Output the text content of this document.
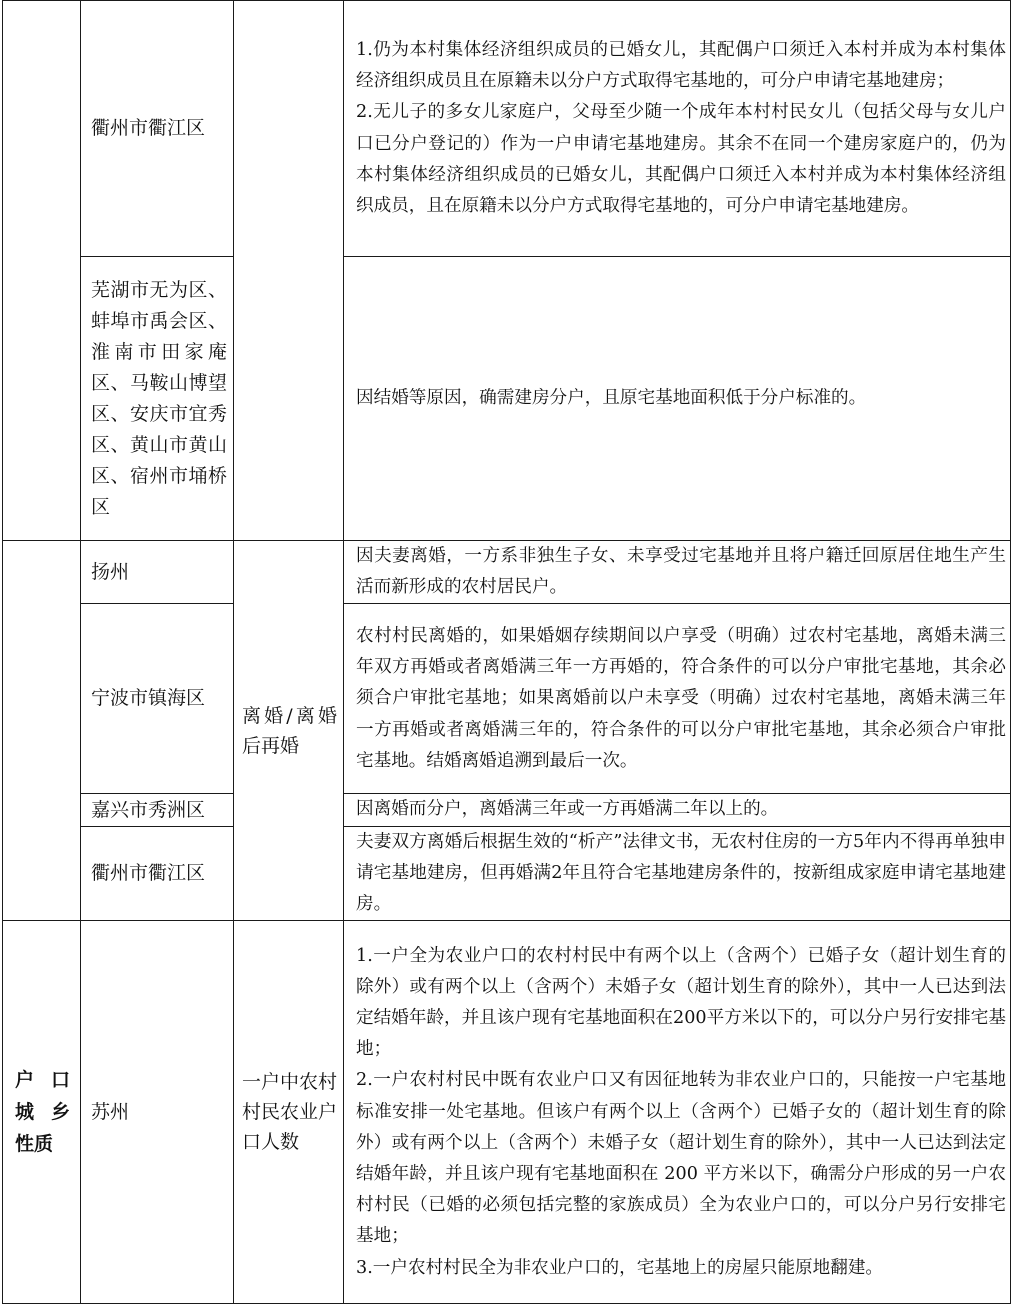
	衢州市衢江区		1.仍为本村集体经济组织成员的已婚女儿，其配偶户口须迁入本村并成为本村集体经济组织成员且在原籍未以分户方式取得宅基地的，可分户申请宅基地建房；

2.无儿子的多女儿家庭户，父母至少随一个成年本村村民女儿（包括父母与女儿户口已分户登记的）作为一户申请宅基地建房。其余不在同一个建房家庭户的，仍为本村集体经济组织成员的已婚女儿，其配偶户口须迁入本村并成为本村集体经济组织成员，且在原籍未以分户方式取得宅基地的，可分户申请宅基地建房。

	芜湖市无为区、蚌埠市禹会区、淮南市田家庵区、马鞍山博望区、安庆市宜秀区、黄山市黄山区、宿州市埇桥区		因结婚等原因，确需建房分户，且原宅基地面积低于分户标准的。

	扬州	离婚/离婚后再婚	因夫妻离婚，一方系非独生子女、未享受过宅基地并且将户籍迁回原居住地生产生活而新形成的农村居民户。

	宁波市镇海区		农村村民离婚的，如果婚姻存续期间以户享受（明确）过农村宅基地，离婚未满三年双方再婚或者离婚满三年一方再婚的，符合条件的可以分户审批宅基地，其余必须合户审批宅基地；如果离婚前以户未享受（明确）过农村宅基地，离婚未满三年一方再婚或者离婚满三年的，符合条件的可以分户审批宅基地，其余必须合户审批宅基地。结婚离婚追溯到最后一次。

	嘉兴市秀洲区		因离婚而分户，离婚满三年或一方再婚满二年以上的。

	衢州市衢江区		夫妻双方离婚后根据生效的“析产”法律文书，无农村住房的一方5年内不得再单独申请宅基地建房，但再婚满2年且符合宅基地建房条件的，按新组成家庭申请宅基地建房。

户口城乡性质	苏州	一户中农村村民农业户口人数	1.一户全为农业户口的农村村民中有两个以上（含两个）已婚子女（超计划生育的除外）或有两个以上（含两个）未婚子女（超计划生育的除外），其中一人已达到法定结婚年龄，并且该户现有宅基地面积在200平方米以下的，可以分户另行安排宅基地；

2.一户农村村民中既有农业户口又有因征地转为非农业户口的，只能按一户宅基地标准安排一处宅基地。但该户有两个以上（含两个）已婚子女的（超计划生育的除外）或有两个以上（含两个）未婚子女（超计划生育的除外），其中一人已达到法定结婚年龄，并且该户现有宅基地面积在 200 平方米以下，确需分户形成的另一户农村村民（已婚的必须包括完整的家族成员）全为农业户口的，可以分户另行安排宅基地；

3.一户农村村民全为非农业户口的，宅基地上的房屋只能原地翻建。
